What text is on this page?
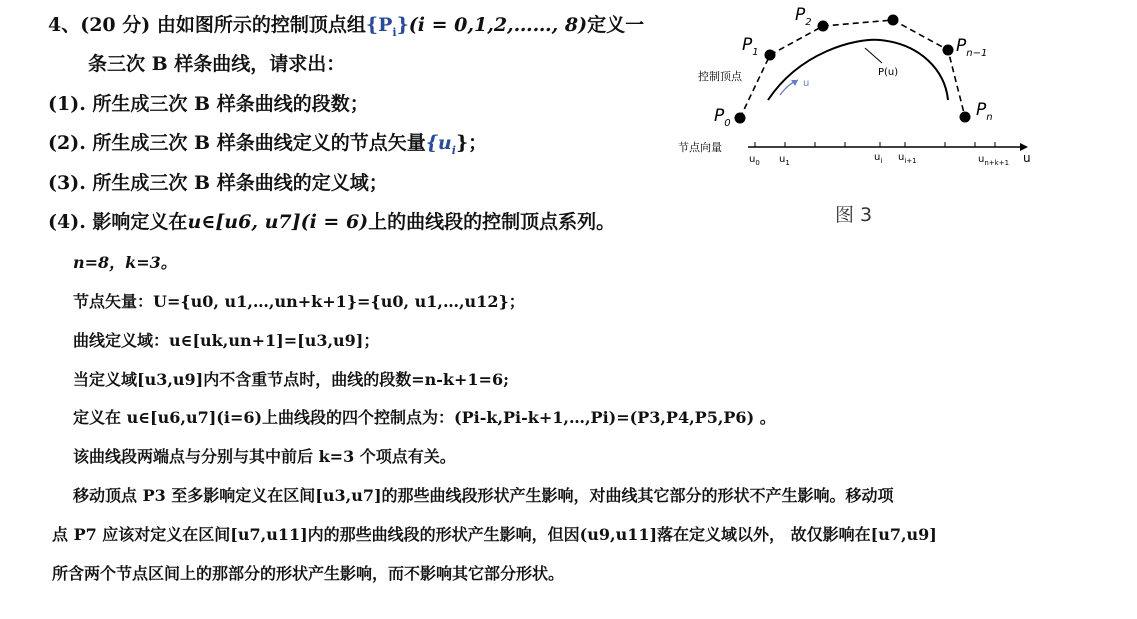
4、(20 分) 由如图所示的控制顶点组$\{P_i\}(i$ = 0,1,2,……, 8)定义一
条三次 B 样条曲线，请求出：
(1). 所生成三次 B 样条曲线的段数；
(2). 所生成三次 B 样条曲线定义的节点矢量$\{u_i\}$；
(3). 所生成三次 B 样条曲线的定义域；
(4). 影响定义在u∈[u6, u7](i = 6)上的曲线段的控制顶点系列。
n=8，k=3。
节点矢量：U={u0, u1,…,un+k+1}={u0, u1,…,u12}；
曲线定义域：u∈[uk,un+1]=[u3,u9]；
当定义域[u3,u9]内不含重节点时，曲线的段数=n-k+1=6;
定义在 u∈[u6,u7](i=6)上曲线段的四个控制点为：(Pi-k,Pi-k+1,…,Pi)=(P3,P4,P5,P6) 。
该曲线段两端点与分别与其中前后 k=3 个项点有关。
移动顶点 P3 至多影响定义在区间[u3,u7]的那些曲线段形状产生影响，对曲线其它部分的形状不产生影响。移动项
点 P7 应该对定义在区间[u7,u11]内的那些曲线段的形状产生影响，但因(u9,u11]落在定义域以外， 故仅影响在[u7,u9]
所含两个节点区间上的那部分的形状产生影响，而不影响其它部分形状。
$P_0$
$P_1$
$P_2$
$P_{n-1}$
$P_n$
控制顶点	P(u)
u
节点向量
u
$u_0$ $u_1$	$u_i$ $u_{i+1}$	$u_{n+k+1}$
图 3
